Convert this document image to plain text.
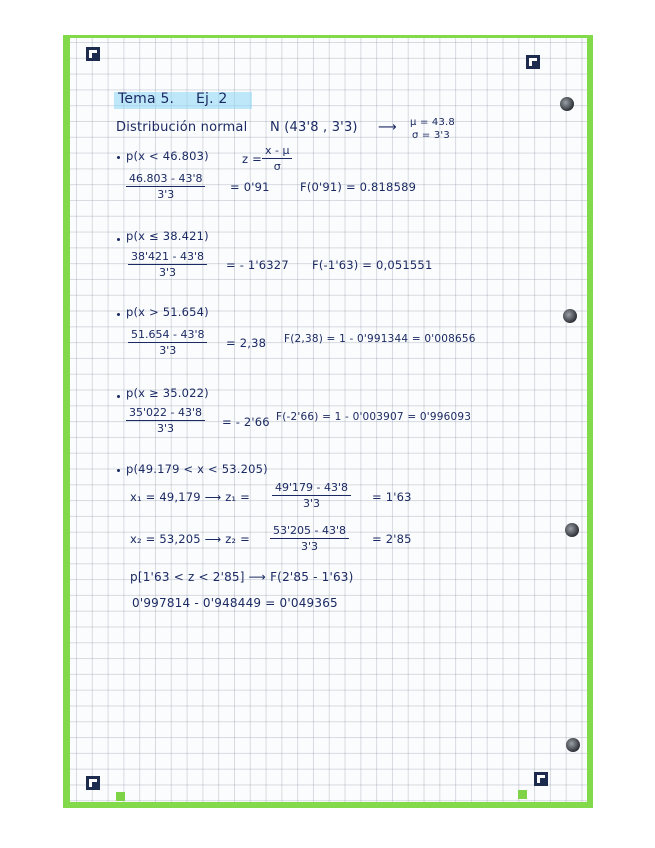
Tema 5. Ej. 2
Distribución normal N (43'8 , 3'3) ⟶ μ = 43.8
σ = 3'3
p(x < 46.803)	$z = \frac{x - \mu}{\sigma}$
$\frac{46.803 - 43'8}{3'3} = 0'91$	F(0'91) = 0.818589
p(x ≤ 38.421)
$\frac{38'421 - 43'8}{3'3}$ = - 1'6327 F(-1'63) = 0,051551
p(x > 51.654)
$\frac{51.654 - 43'8}{3'3} = 2,38$ F(2,38) = 1 - 0'991344 = 0'008656
p(x ≥ 35.022)
$\frac{35'022 - 43'8}{3'3}$ = - 2'66 F(-2'66) = 1 - 0'003907 = 0'996093
p(49.179 < x < 53.205)
x₁ = 49,179 ⟶ $z_1 = \frac{49'179 - 43'8}{3'3} = 1'63$
x₂ = 53,205 ⟶ $z_2 = \frac{53'205 - 43'8}{3'3} = 2'85$
p[1'63 < z < 2'85] ⟶ F(2'85 - 1'63)
0'997814 - 0'948449 = 0'049365
